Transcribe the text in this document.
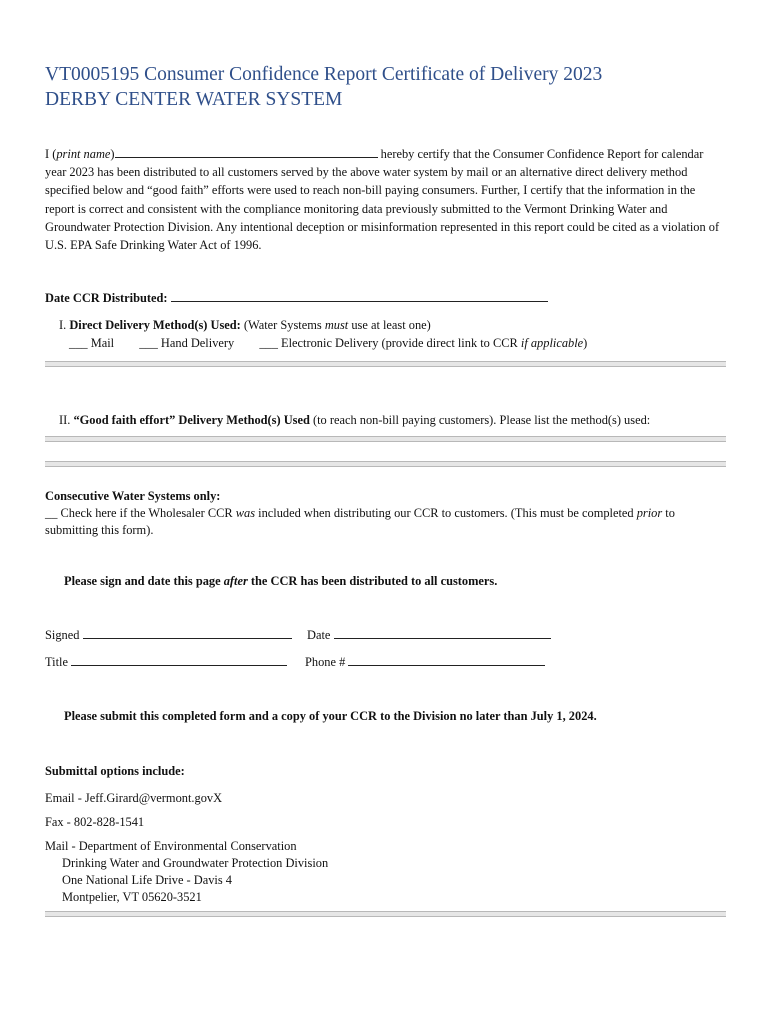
VT0005195 Consumer Confidence Report Certificate of Delivery 2023
DERBY CENTER WATER SYSTEM
I (print name)	hereby certify that the Consumer Confidence Report for calendar year 2023 has been distributed to all customers served by the above water system by mail or an alternative direct delivery method specified below and “good faith” efforts were used to reach non-bill paying consumers. Further, I certify that the information in the report is correct and consistent with the compliance monitoring data previously submitted to the Vermont Drinking Water and Groundwater Protection Division. Any intentional deception or misinformation represented in this report could be cited as a violation of U.S. EPA Safe Drinking Water Act of 1996.
Date CCR Distributed:
I. Direct Delivery Method(s) Used: (Water Systems must use at least one)
___ Mail ___ Hand Delivery ___ Electronic Delivery (provide direct link to CCR if applicable)
II. “Good faith effort” Delivery Method(s) Used (to reach non-bill paying customers). Please list the method(s) used:
Consecutive Water Systems only:
__ Check here if the Wholesaler CCR was included when distributing our CCR to customers. (This must be completed prior to
submitting this form).
Please sign and date this page after the CCR has been distributed to all customers.
Signed	Date
Title	Phone #
Please submit this completed form and a copy of your CCR to the Division no later than July 1, 2024.
Submittal options include:
Email - Jeff.Girard@vermont.govX
Fax - 802-828-1541
Mail - Department of Environmental Conservation
Drinking Water and Groundwater Protection Division
One National Life Drive - Davis 4
Montpelier, VT 05620-3521
